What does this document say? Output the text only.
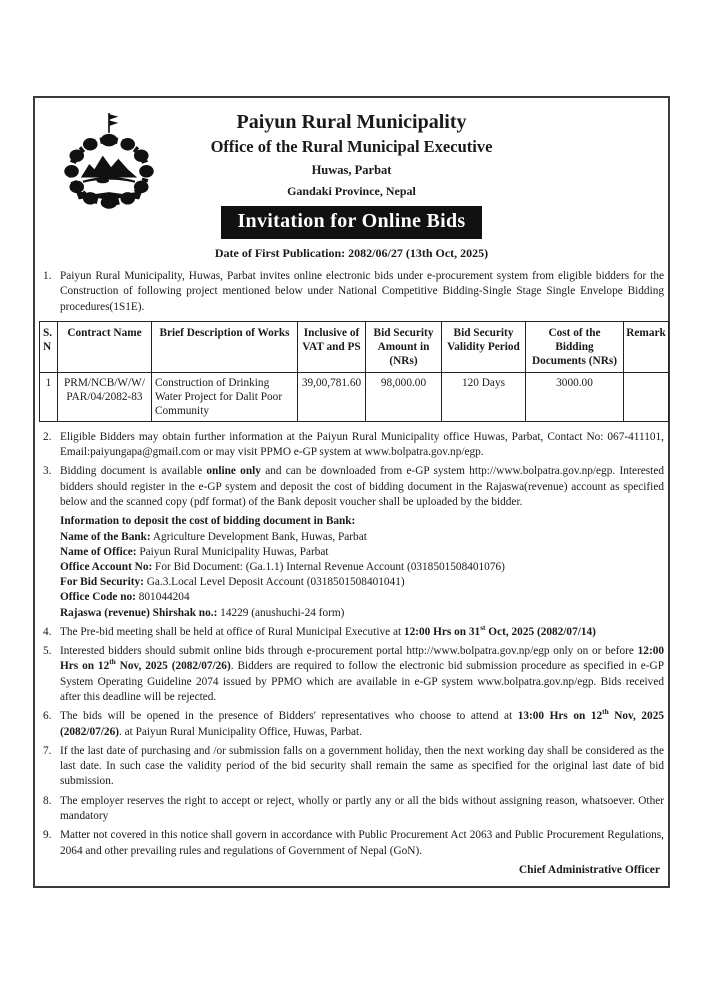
Paiyun Rural Municipality
Office of the Rural Municipal Executive
Huwas, Parbat
Gandaki Province, Nepal
Invitation for Online Bids
Date of First Publication: 2082/06/27 (13th Oct, 2025)
1. Paiyun Rural Municipality, Huwas, Parbat invites online electronic bids under e-procurement system from eligible bidders for the Construction of following project mentioned below under National Competitive Bidding-Single Stage Single Envelope Bidding procedures(1S1E).
S.
N	Contract Name	Brief Description of Works	Inclusive of VAT and PS	Bid Security Amount in (NRs)	Bid Security Validity Period	Cost of the Bidding Documents (NRs)	Remark
1	PRM/NCB/W/W/
PAR/04/2082-83	Construction of Drinking Water Project for Dalit Poor Community	39,00,781.60	98,000.00	120 Days	3000.00	
2. Eligible Bidders may obtain further information at the Paiyun Rural Municipality office Huwas, Parbat, Contact No: 067-411101, Email:paiyungapa@gmail.com or may visit PPMO e-GP system at www.bolpatra.gov.np/egp.
3. Bidding document is available online only and can be downloaded from e-GP system http://www.bolpatra.gov.np/egp. Interested bidders should register in the e-GP system and deposit the cost of bidding document in the Rajaswa(revenue) account as specified below and the scanned copy (pdf format) of the Bank deposit voucher shall be uploaded by the bidder.
Information to deposit the cost of bidding document in Bank:
Name of the Bank: Agriculture Development Bank, Huwas, Parbat
Name of Office: Paiyun Rural Municipality Huwas, Parbat
Office Account No: For Bid Document: (Ga.1.1) Internal Revenue Account (0318501508401076)
For Bid Security: Ga.3.Local Level Deposit Account (0318501508401041)
Office Code no: 801044204
Rajaswa (revenue) Shirshak no.: 14229 (anushuchi-24 form)
4. The Pre-bid meeting shall be held at office of Rural Municipal Executive at 12:00 Hrs on 31st Oct, 2025 (2082/07/14)
5. Interested bidders should submit online bids through e-procurement portal http://www.bolpatra.gov.np/egp only on or before 12:00 Hrs on 12th Nov, 2025 (2082/07/26). Bidders are required to follow the electronic bid submission procedure as specified in e-GP System Operating Guideline 2074 issued by PPMO which are available in e-GP system www.bolpatra.gov.np/egp. Bids received after this deadline will be rejected.
6. The bids will be opened in the presence of Bidders' representatives who choose to attend at 13:00 Hrs on 12th Nov, 2025 (2082/07/26). at Paiyun Rural Municipality Office, Huwas, Parbat.
7. If the last date of purchasing and /or submission falls on a government holiday, then the next working day shall be considered as the last date. In such case the validity period of the bid security shall remain the same as specified for the original last date of bid submission.
8. The employer reserves the right to accept or reject, wholly or partly any or all the bids without assigning reason, whatsoever. Other mandatory
9. Matter not covered in this notice shall govern in accordance with Public Procurement Act 2063 and Public Procurement Regulations, 2064 and other prevailing rules and regulations of Government of Nepal (GoN).
Chief Administrative Officer
